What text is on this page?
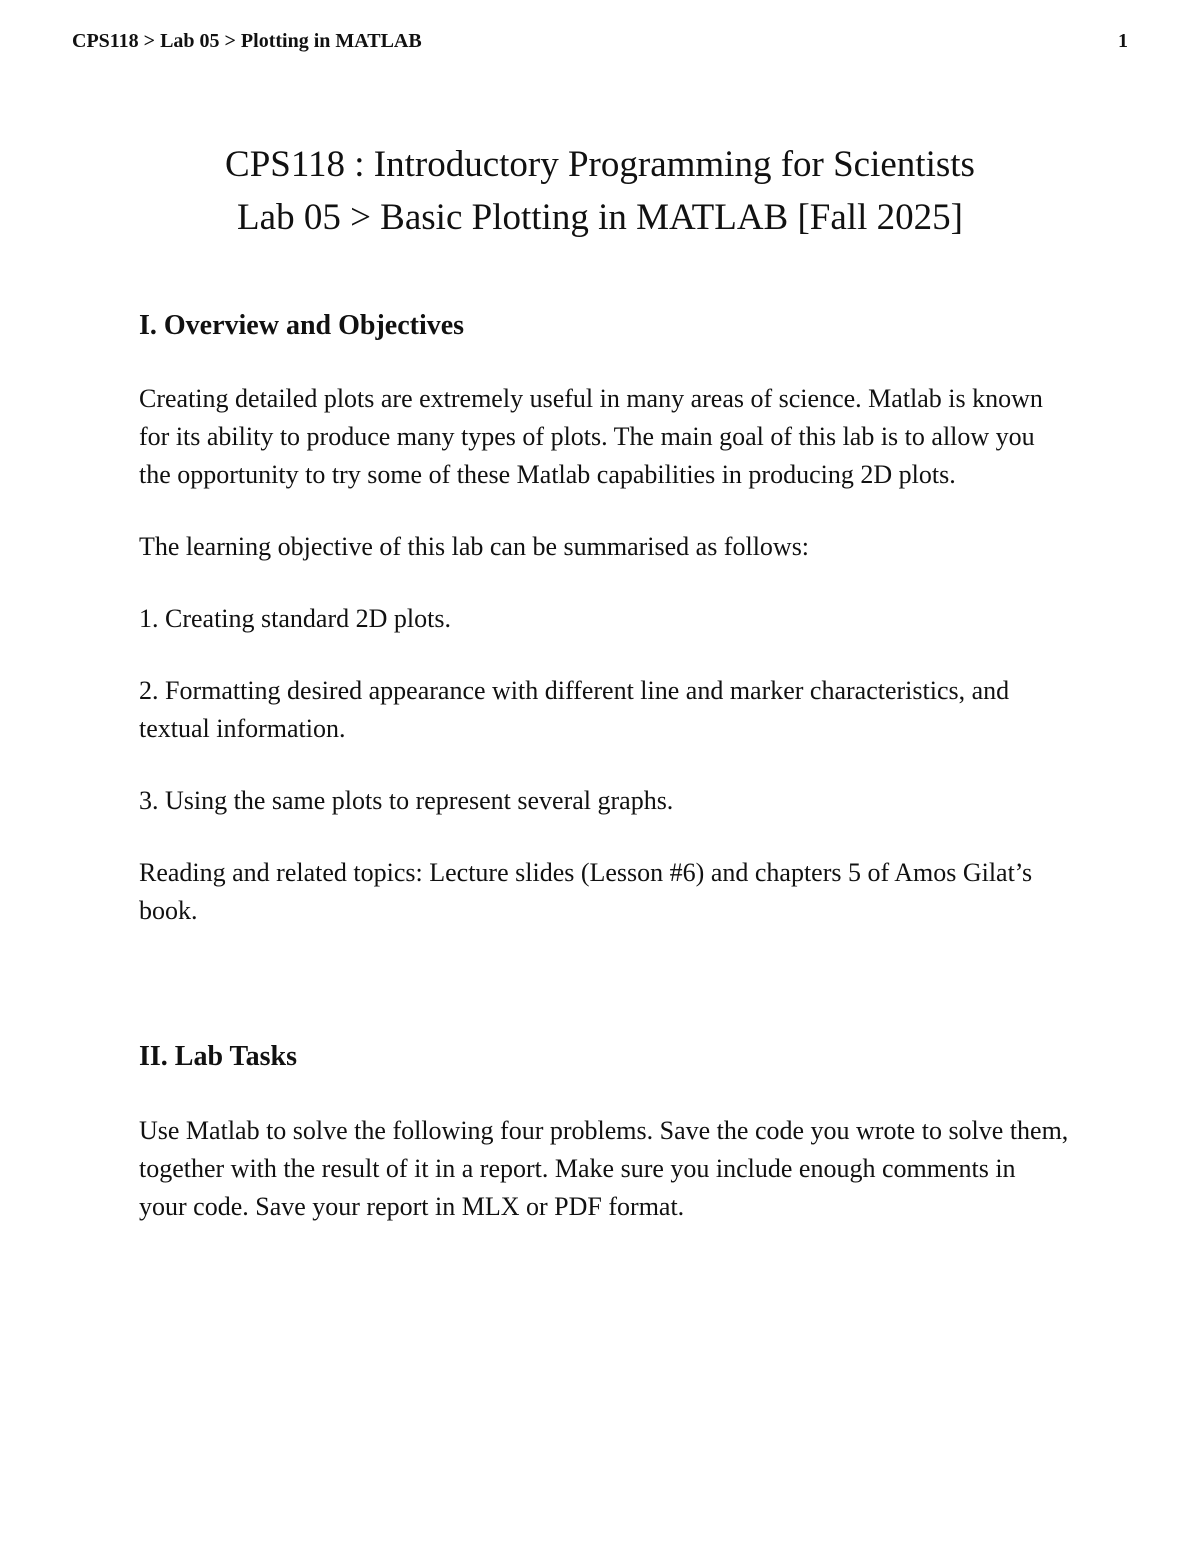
CPS118 > Lab 05 > Plotting in MATLAB	1
CPS118 : Introductory Programming for Scientists
Lab 05 > Basic Plotting in MATLAB [Fall 2025]
I. Overview and Objectives

Creating detailed plots are extremely useful in many areas of science. Matlab is known for its ability to produce many types of plots. The main goal of this lab is to allow you the opportunity to try some of these Matlab capabilities in producing 2D plots.

The learning objective of this lab can be summarised as follows:

1. Creating standard 2D plots.

2. Formatting desired appearance with different line and marker characteristics, and textual information.

3. Using the same plots to represent several graphs.

Reading and related topics: Lecture slides (Lesson #6) and chapters 5 of Amos Gilat’s book.

II. Lab Tasks

Use Matlab to solve the following four problems. Save the code you wrote to solve them, together with the result of it in a report. Make sure you include enough comments in your code. Save your report in MLX or PDF format.
